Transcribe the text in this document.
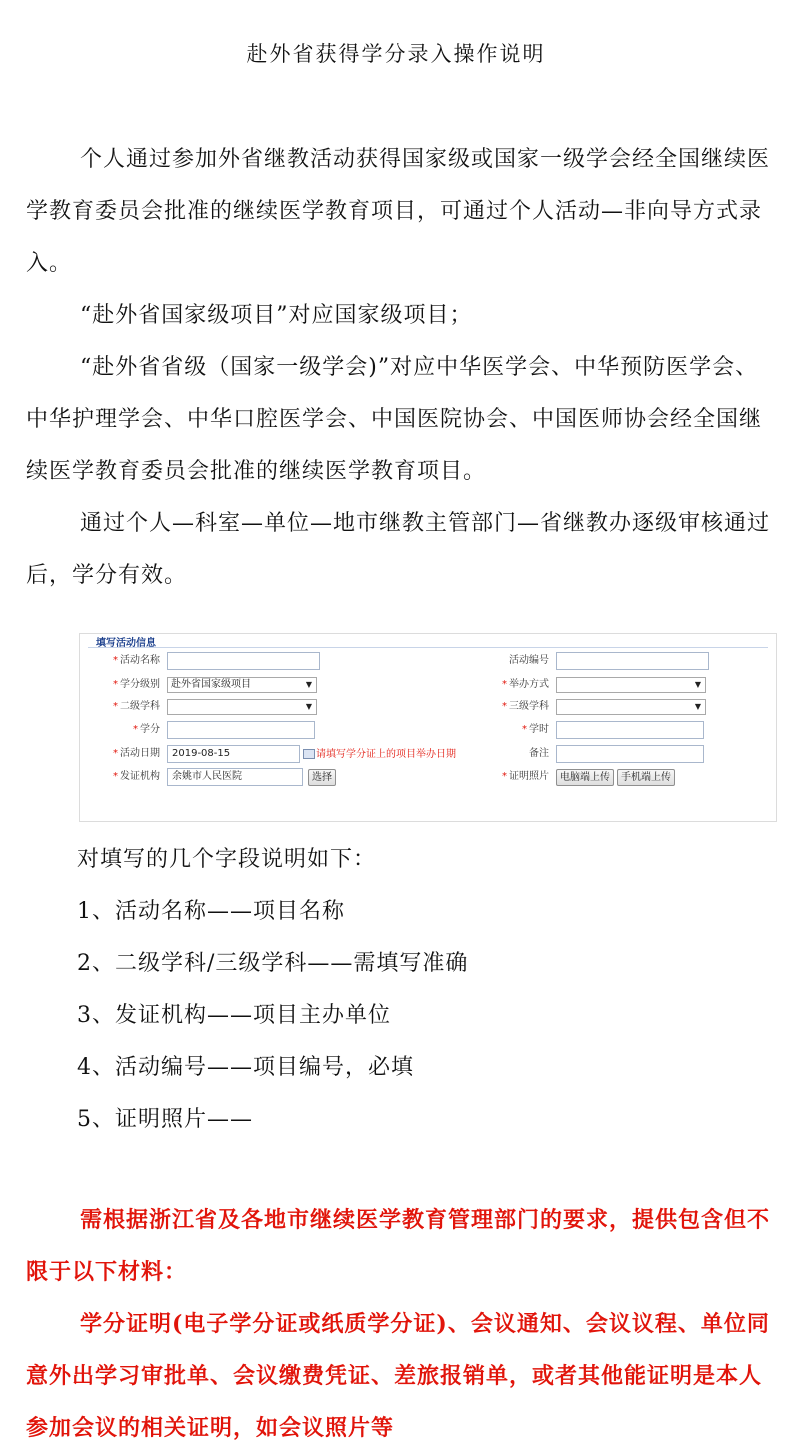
赴外省获得学分录入操作说明

个人通过参加外省继教活动获得国家级或国家一级学会经全国继续医学教育委员会批准的继续医学教育项目，可通过个人活动—非向导方式录入。

“赴外省国家级项目”对应国家级项目；

“赴外省省级（国家一级学会)”对应中华医学会、中华预防医学会、中华护理学会、中华口腔医学会、中国医院协会、中国医师协会经全国继续医学教育委员会批准的继续医学教育项目。

通过个人—科室—单位—地市继教主管部门—省继教办逐级审核通过后，学分有效。

填写活动信息
* 活动名称	活动编号
* 学分级别	赴外省国家级项目	▼	* 举办方式	▼
* 二级学科	▼	* 三级学科	▼
* 学分	* 学时
* 活动日期	2019-08-15	请填写学分证上的项目举办日期	备注
* 发证机构	余姚市人民医院	选择	* 证明照片	电脑端上传	手机端上传
对填写的几个字段说明如下：
1、活动名称——项目名称
2、二级学科/三级学科——需填写准确
3、发证机构——项目主办单位
4、活动编号——项目编号，必填
5、证明照片——

需根据浙江省及各地市继续医学教育管理部门的要求，提供包含但不限于以下材料：

学分证明(电子学分证或纸质学分证)、会议通知、会议议程、单位同意外出学习审批单、会议缴费凭证、差旅报销单，或者其他能证明是本人参加会议的相关证明，如会议照片等
